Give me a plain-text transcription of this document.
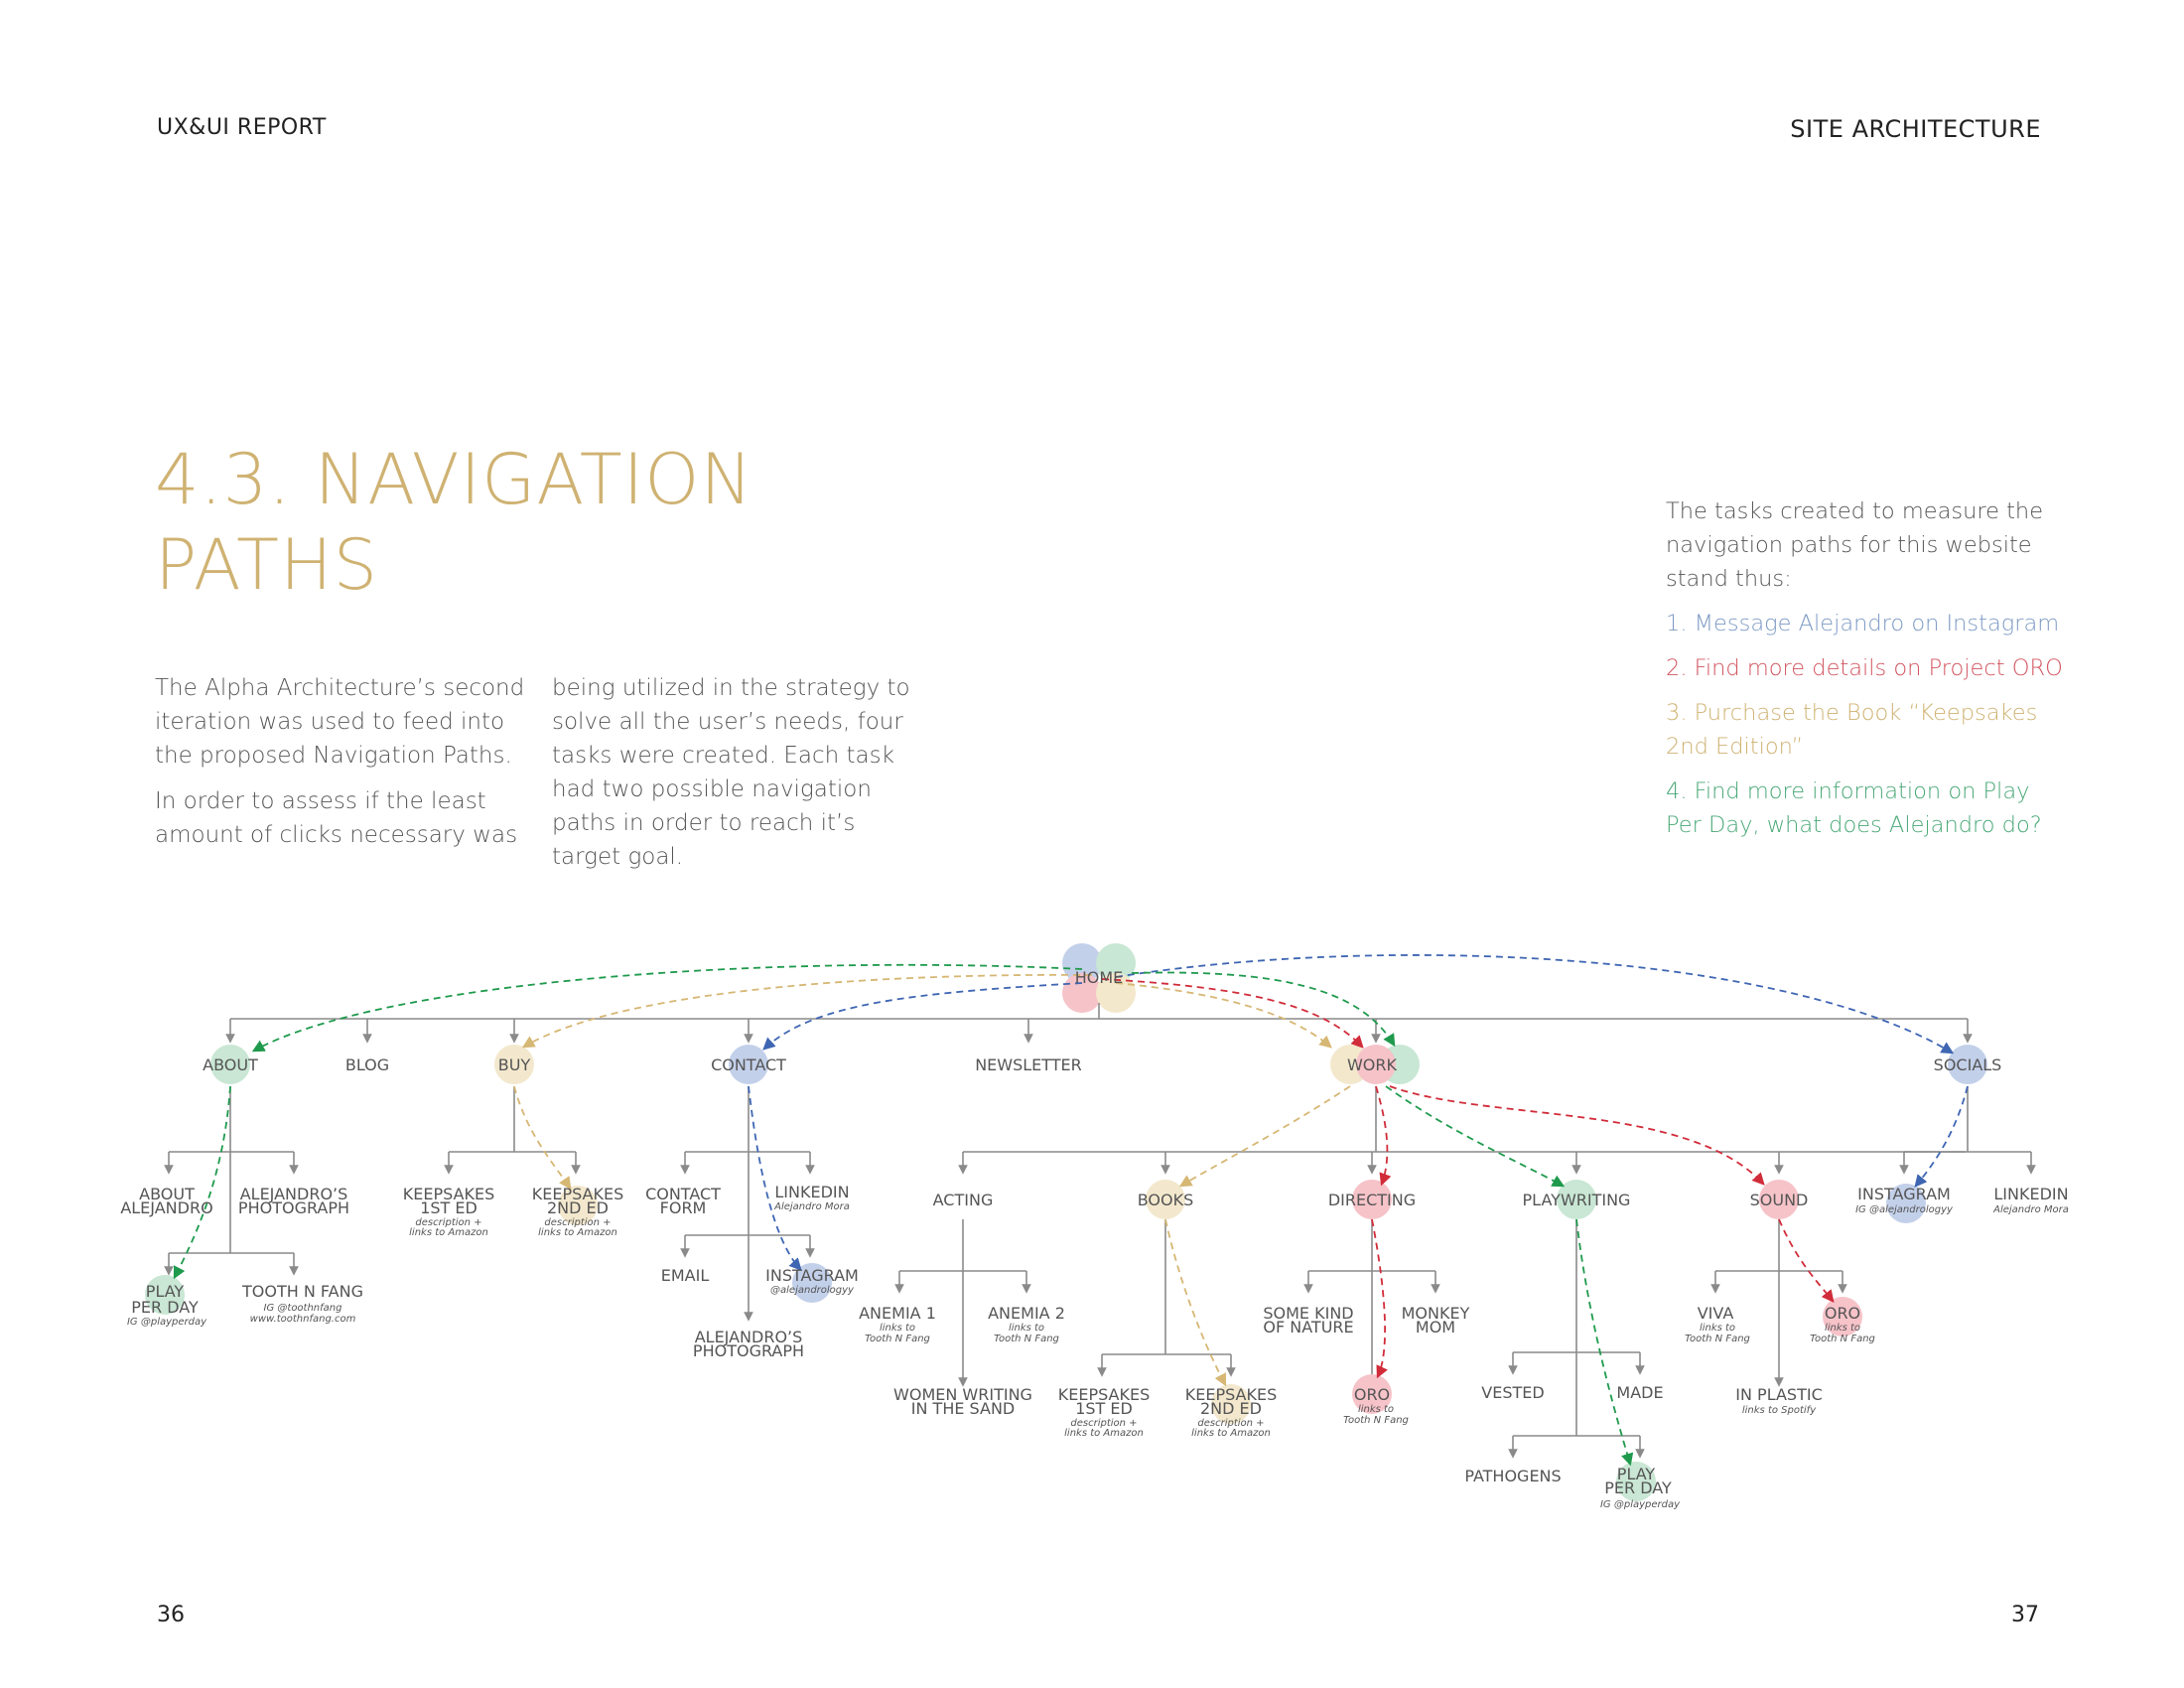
UX&UI REPORT	SITE ARCHITECTURE
4.3. NAVIGATION
PATHS

The Alpha Architecture’s second iteration was used to feed into the proposed Navigation Paths.

In order to assess if the least amount of clicks necessary was

being utilized in the strategy to solve all the user’s needs, four tasks were created. Each task had two possible navigation paths in order to reach it’s target goal.

The tasks created to measure the navigation paths for this website stand thus:

1. Message Alejandro on Instagram

2. Find more details on Project ORO

3. Purchase the Book “Keepsakes 2nd Edition”

4. Find more information on Play Per Day, what does Alejandro do?

HOME
ABOUT	BLOG	BUY	CONTACT	NEWSLETTER	WORK	SOCIALS
ABOUT
ALEJANDRO
ALEJANDRO’S
PHOTOGRAPH
PLAY
PER DAY
IG @playperday
TOOTH N FANG
IG @toothnfang
www.toothnfang.com
KEEPSAKES
1ST ED
description +
links to Amazon
KEEPSAKES
2ND ED
description +
links to Amazon
CONTACT
FORM
LINKEDIN
Alejandro Mora
EMAIL	INSTAGRAM
@alejandrologyy
ALEJANDRO’S
PHOTOGRAPH
ACTING	BOOKS	DIRECTING	PLAYWRITING	SOUND
ANEMIA 1
links to
Tooth N Fang
ANEMIA 2
links to
Tooth N Fang
WOMEN WRITING
IN THE SAND
KEEPSAKES
1ST ED
description +
links to Amazon
KEEPSAKES
2ND ED
description +
links to Amazon
SOME KIND
OF NATURE
MONKEY
MOM
ORO
links to
Tooth N Fang
VESTED	MADE
PATHOGENS	PLAY
PER DAY
IG @playperday
VIVA
links to
Tooth N Fang
ORO
links to
Tooth N Fang
IN PLASTIC
links to Spotify
INSTAGRAM
IG @alejandrologyy
LINKEDIN
Alejandro Mora
36	37
